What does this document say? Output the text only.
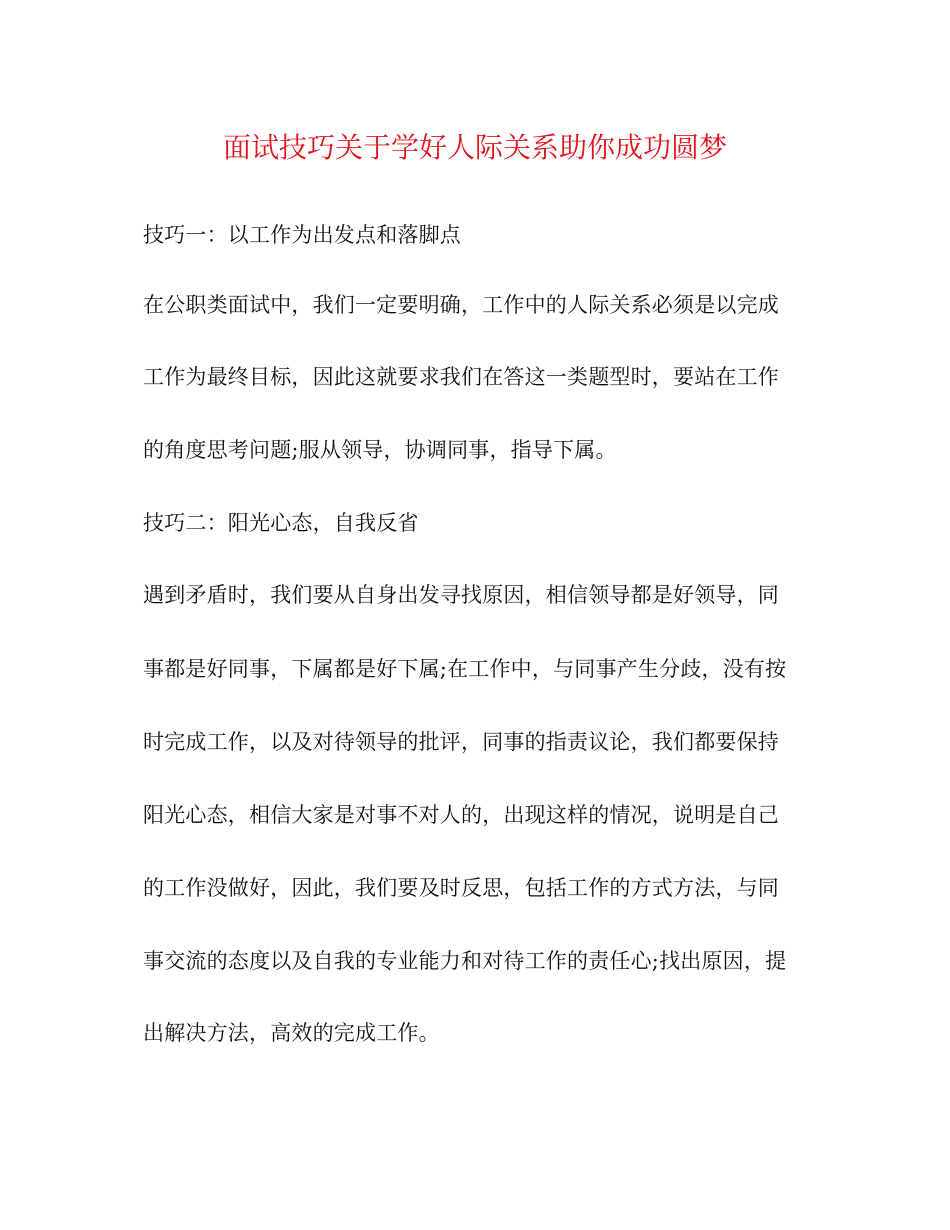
面试技巧关于学好人际关系助你成功圆梦
技巧一：以工作为出发点和落脚点
在公职类面试中，我们一定要明确，工作中的人际关系必须是以完成
工作为最终目标，因此这就要求我们在答这一类题型时，要站在工作
的角度思考问题;服从领导，协调同事，指导下属。
技巧二：阳光心态，自我反省
遇到矛盾时，我们要从自身出发寻找原因，相信领导都是好领导，同
事都是好同事，下属都是好下属;在工作中，与同事产生分歧，没有按
时完成工作，以及对待领导的批评，同事的指责议论，我们都要保持
阳光心态，相信大家是对事不对人的，出现这样的情况，说明是自己
的工作没做好，因此，我们要及时反思，包括工作的方式方法，与同
事交流的态度以及自我的专业能力和对待工作的责任心;找出原因，提
出解决方法，高效的完成工作。
